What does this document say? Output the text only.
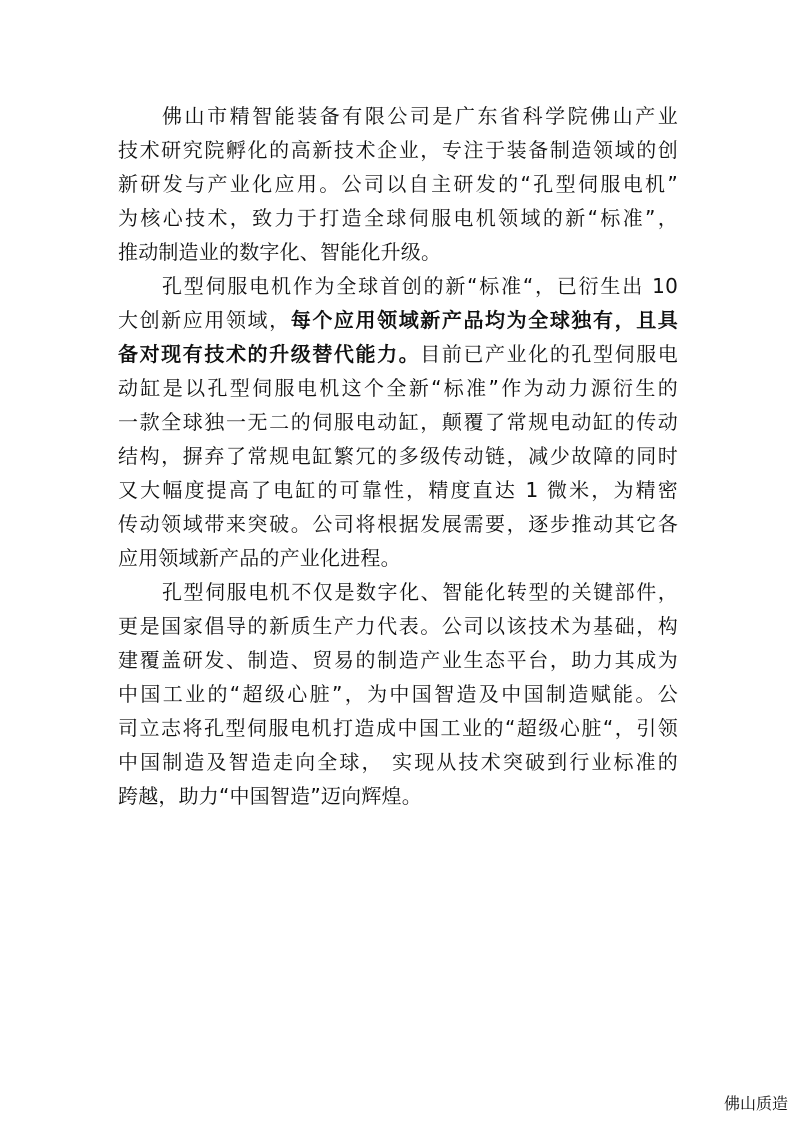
佛山市精智能装备有限公司是广东省科学院佛山产业
技术研究院孵化的高新技术企业，专注于装备制造领域的创
新研发与产业化应用。公司以自主研发的“孔型伺服电机”
为核心技术，致力于打造全球伺服电机领域的新“标准”，
推动制造业的数字化、智能化升级。
孔型伺服电机作为全球首创的新“标准“，已衍生出 10
大创新应用领域，每个应用领域新产品均为全球独有，且具
备对现有技术的升级替代能力。目前已产业化的孔型伺服电
动缸是以孔型伺服电机这个全新“标准”作为动力源衍生的
一款全球独一无二的伺服电动缸，颠覆了常规电动缸的传动
结构，摒弃了常规电缸繁冗的多级传动链，减少故障的同时
又大幅度提高了电缸的可靠性，精度直达 1 微米，为精密
传动领域带来突破。公司将根据发展需要，逐步推动其它各
应用领域新产品的产业化进程。
孔型伺服电机不仅是数字化、智能化转型的关键部件，
更是国家倡导的新质生产力代表。公司以该技术为基础，构
建覆盖研发、制造、贸易的制造产业生态平台，助力其成为
中国工业的“超级心脏”，为中国智造及中国制造赋能。公
司立志将孔型伺服电机打造成中国工业的“超级心脏“，引领
中国制造及智造走向全球， 实现从技术突破到行业标准的
跨越，助力“中国智造”迈向辉煌。
佛山质造
